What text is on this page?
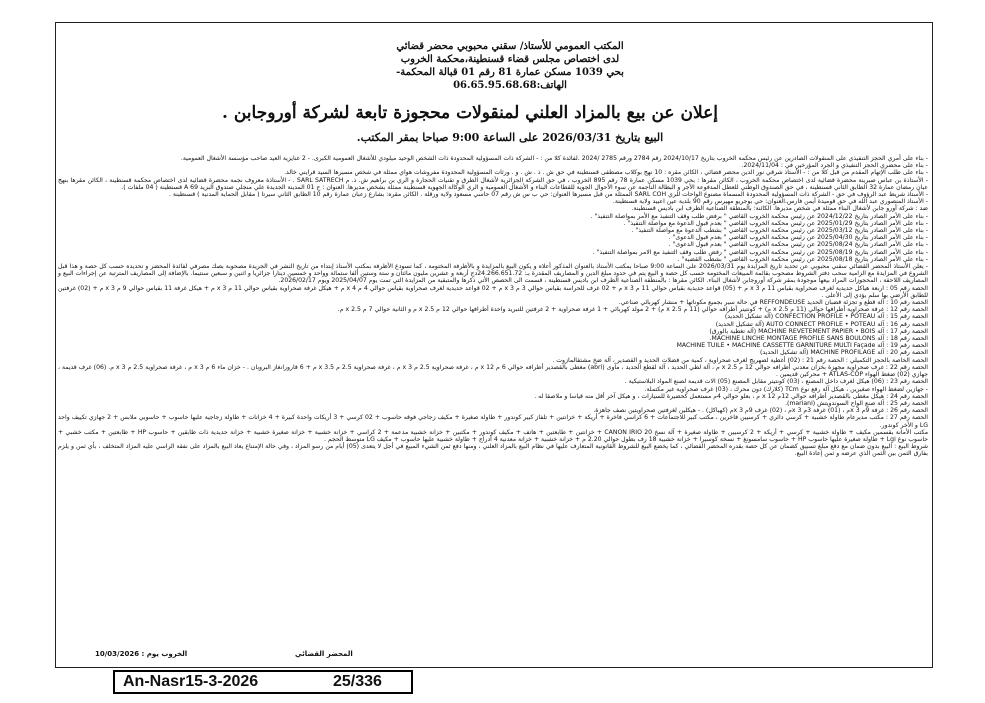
المكتب العمومي للأستاذ/ سقني محبوبي محضر قضائي
لدى اختصاص مجلس قضاء قسنطينة،محكمة الخروب
بحي 1039 مسكن عمارة 81 رقم 01 قبالة المحكمة-
الهاتف:06.65.95.68.68
إعلان عن بيع بالمزاد العلني لمنقولات محجوزة تابعة لشركة أوروجابن .
البيع بتاريخ 2026/03/31 على الساعة 9:00 صباحا بمقر المكتب.

- بناء على أمري الحجز التنفيذي على المنقولات الصادرين عن رئيس محكمة الخروب بتاريخ 2024/10/17 رقم 2784 ورقم 2785 /2024 .لفائدة كلا من : - الشركة ذات المسؤولية المحدودة ذات الشخص الوحيد ميلودي للأشغال العمومية الكبرى. - 2 غنايزية العيد صاحب مؤسسة الأشغال العمومية.

- بناء على محضري الحجز التنفيذي و الجرد المؤرخين في : 2024/11/04.

- بناء على طلب الإتهام المقدم من قبل كلا من : - الأستاذ شرقي نور الدين محضر قضائي ، الكائن مقره : 10 نهج بوكلاب مصطفى قسنطينة في حق ش . ذ . ش . و . ورثات المسؤولية المحدودة مفروشات هواي ممثلة في شخص مسيرها السيد قرايني خالد.

- الأستاذة بن عباس صبرينة محضرة قضائية لدى اختصاص محكمة الخروب ، الكائن مقرها : بحي 1039 مسكن عمارة 78 رقم 895 الخروب ، في حق الشركة الجزائرية لأشغال الطرق و تقنيات الحجارة و الري بن براهيم ش. ذ. م SARL SATRECH . - الأستاذة معروف نجمة محضرة قضائية لدى اختصاص محكمة قسنطينة ، الكائن مقرها بنهج عبان رمضان عمارة 32 الطابق الثاني قسنطينة ، في حق الصندوق الوطني للعطل المدفوعة الأجر و البطالة الناجمة عن سوء الأحوال الجوية للقطاعات البناء و الأشغال العمومية و الري الوكالة الجهوية قسنطينة ممثلة بشخص مديرها. العنوان : ح 01 المدينة الجديدة علي منجلي صندوق البريد 69 A قسنطينة ( 04 ملفات ).

- الأستاذ شريط عبد الرؤوف في حق - الشركة ذات المسؤولية المحدودة المسماة مصنوع الواحات للري SARL COH الممثلة من قبل مسيرها العنوان: حي ب س ش رقم 07 حاسي مسعود ولاية ورقلة . الكائن مقره: بشارع زعبان عمارة رقم 10 الطابق الثاني سيرتا ( مقابل الحماية المدنية ) قسنطينة .

- الأستاذ المنصوري عبد الله في حق قوميدة أيمن فارس.العنوان: حي بوجريو مهيرس رقم 90 بلدية عين اعبيد ولاية قسنطينة.

ضد : شركة أورو جابن لأشغال البناء ممثلة في شخص مديرها. الكائنة: بالمنطقة الصناعية الطرف ابن باديس قسنطينة.

- بناء على الأمر الصادر بتاريخ 2024/12/22 عن رئيس محكمة الخروب القاضي " برفض طلب وقف التنفيذ مع الأمر بمواصلة التنفيذ" .

- بناء على الأمر الصادر بتاريخ 2025/01/29 عن رئيس محكمة الخروب القاضي " بعدم قبول الدعوة مع مواصلة التنفيذ" .

- بناء على الأمر الصادر بتاريخ 2025/03/12 عن رئيس محكمة الخروب القاضي " بشطب الدعوة مع مواصلة التنفيذ" .

- بناء على الأمر الصادر بتاريخ 2025/04/30 عن رئيس محكمة الخروب القاضي " بعدم قبول الدعوى" .

- بناء على الأمر الصادر بتاريخ 2025/08/24 عن رئيس محكمة الخروب القاضي " بعدم قبول الدعوى" .

- بناء على الأمر الصادر بتاريخ 2025/08/19 عن رئيس محكمة الخروب القاضي " رفض طلب وقف التنفيذ مع الامر بمواصلة التنفيذ" .

- بناء على الأمر الصادر بتاريخ 2025/08/18 عن رئيس محكمة الخروب القاضي " بشطب القضية" .

- يعلن الأستاذ المحضر القضائي سقني محبوبي عن تحديد تاريخ المزايدة يوم 2026/03/31 على الساعة 9:00 صباحا بمكتب الأستاذ بالعنوان المذكور أعلاه و يكون البيع بالمزايدة و بالأظرفة المختومة ، كما تسودع الأظرفة بمكتب الأستاذ إبتداء من تاريخ النشر في الجريدة مصحوبة بصك مصرفي لفائدة المحضر و تحديده حسب كل حصة و هذا قبل الشروع في المزايدة مع الزامية سحب دفتر الشروط مصحوب بقائمة المبيعات المختومة حسب كل حصة و البيع يتم في حدود مبلغ الدين و المصاريف المقدرة بـ: 24.266.651.72دج أربعة و عشرين مليون مائتان و ستة وستين ألفا ستمائة وواحد و خمسين دينارا جزائريا و اثنين و سبعين سنتيما. بالإضافة إلى المصاريف المترتبة عن إجراءات البيع و المصاريف اللاحقة ، المحجوزات المراد بيعها موجودة بمقر شركة أوروجابن لأشغال البناء. الكائن مقرها : بالمنطقة الصناعية الطرف ابن باديس قسنطينة ، قسمت الى الحصص الأتي ذكرها والمتبقية من المزايدة التي تمت يوم 2025/04/07 ويوم 2026/02/17.

الحصة رقم 05 : اربعة هياكل حديدية لغرف صحراوية بقياس 11 م x 3 م + (05) قواعد حديدية بقياس حوالي 11 م x 3 م + 02 غرف للحراسة بقياس حوالي 3 م x 3 م + 02 قواعد حديدية لغرف صحراوية بقياس حوالي 4 م x 4 م + هيكل غرفة صحراوية بقياس حوالي 11 م x 3 م + هيكل غرفة 11 بقياس حوالي 9 م x 3 م + (02) غرفتين للطابق الأرضي بها سلم يؤدي إلى الأعلى .

الحصة رقم 10 : آلة قطع و تجزئة قضبان الحديد REFFONDEUSE في حالة سير بجميع مكوناتها + منشار كهربائي صناعي.

الحصة رقم 12 : غرفة صحراوية أطرافها حوالي (11 م x 2.5 م) + كونتينر أطرافه حوالي (11 م x 2.5 م) + 2 مولد كهربائي + 1 غرفة صحراوية + 2 غرفتين للتبريد واحدة أطرافها حوالي 12 م x 2.5 م و الثانية حوالي 7 م x 2.5 م.

الحصة رقم 15 : آلة CONFECTION PROFILE • POTEAU (آلة تشكيل الحديد)

الحصة رقم 16 : آلة AUTO CONNECT PROFILE • POTEAU (آلة تشكيل الحديد)

الحصة رقم 17 : آلة MACHINE REVETEMENT PAPIER • BOIS (آلة تغطية بالورق)

الحصة رقم 18 : آلة MACHINE LINCHE MONTAGE PROFILE SANS BOULONS.

الحصة رقم 19 : آلة MACHINE TUILE • MACHINE CASSETTE GARNITURE MULTI Façade

الحصة رقم 20 : آلة MACHINE PROFILAGE (آلة تشكيل الحديد)

الحصة الخاصة بالحجز التكميلي : الحصة رقم 21 : (02) أغطية لصهريج لغرف صحراوية ، كمية من فضلات الحديد و القصدير ، آلة ضخ مشتقالمازوت .

الحصة رقم 22 : غرف صحراوية مجهزة بخزان معدني أطرافه حوالي 12 م x 2.5 م ، آلة لطي الحديد ، آلة لقطع الحديد ، مأوى (abri) مغطى بالقصدير أطرافه حوالي 6 م x 12 م ، غرفة صحراوية 2.5 م x 3 م ، غرفة صحراوية 2.5 م x 3.5 م + 6 قارورانغاز البروبان . - خزان ماء 6 م x 3 م ، غرفة صحراوية 2.5 م x 3 م. (06) غرف قديمة ، جهازي (02) ضغط الهواء ATLAS-COP + محركين قديمين .

الحصة رقم 23 : (06) هيكل لغرف داخل المصنع ، (03) كونتينر مقابل المصنع (05) الات قديمة لصنع المواد البلاستيكية .

- جهازين لضغط الهواء صغيرين ، هيكل آلة رفع نوع TCm (كلارك) دون محرك ، (03) غرف صحراوية غير مكتملة.

الحصة رقم 24 : هيكل مغطى بالقصدير أطرافه حوالي 12م x 12 م ، بعلو حوالي 4م مستعمل كحضيرة للسيارات ، و هيكل آخر أقل منه قياسا و ملاصقا له .

الحصة رقم 25 : آلة صنع الواح السوندويتش (mariani).

الحصة رقم 26 : غرفة 9م x 3م ، (01) غرفة 3م x 3م ، (02) غرف 9م x 3م (كهياكل) . - هيكلين لغرفتين صحراويتين نصف جاهزة.

الحصة رقم 27 : مكتب مديرعام طاولة خشبية + كرسي دائري + كرسيين فاخرين ، مكتب كبير للاجتماعات + 6 كراسي فاخرة + أريكة + خزانتين + تلفاز كبير كوندور + طاولة صغيرة + مكيف زجاجي فوقه حاسوب + 02 كرسي + 3 أريكات واحدة كبيرة + 4 خزانات + طاولة زجاجية عليها حاسوب + حاسوبي ملابس + 2 جهازي تكييف واحد LG و الأخر كوندور.

مكتب الأمانة بقسمين مكيف + طاولة خشبية + كرسي + أريكة + 2 كرسيين + طاولة صغيرة + آلة نسخ CANON IRIO 20 + خزانتين + طابعتين + هاتف + مكيف كوندور + مكتبين + خزانة خشبية مدعمة + 2 كراسي + خزانة خشبية + خزانة صغيرة خشبية + خزانة حديدية ذات طابقين + حاسوب HP + طابعتين + مكتب خشبي + حاسوب نوع Lgi + طاولة صغيرة عليها حاسوب HP + حاسوب سامسونغ + نسخة كوسيرا + خزانة خشبية 18 رف بطول حوالي 2.20 م + خزانة خشبية + خزانة معدنية 4 أدراج + طاولة خشبية عليها حاسوب + مكيف LG متوسط الحجم .

شروط البيع : البيع بدون ضمان مع دفع مبلغ تسبيق كضمان عن كل حصة بقدره المحضر القضائي ، كما يخضع البيع للشروط القانونية المتعارف عليها في نظام البيع بالمزاد العلني ، ومنها دفع ثمن الشيء المبيع في أجل لا يتعدى (05) أيام من رسو المزاد ، وفي حالة الإمتناع يعاد البيع بالمزاد على نفقة الراسي عليه المزاد المتخلف ، بأي ثمن و يلزم بفارق الثمن بين الثمن الذي عرضه و ثمن إعادة البيع.

المحضر القضائي
الخروب يوم : 10/03/2026
An-Nasr15-3-2026	25/336
